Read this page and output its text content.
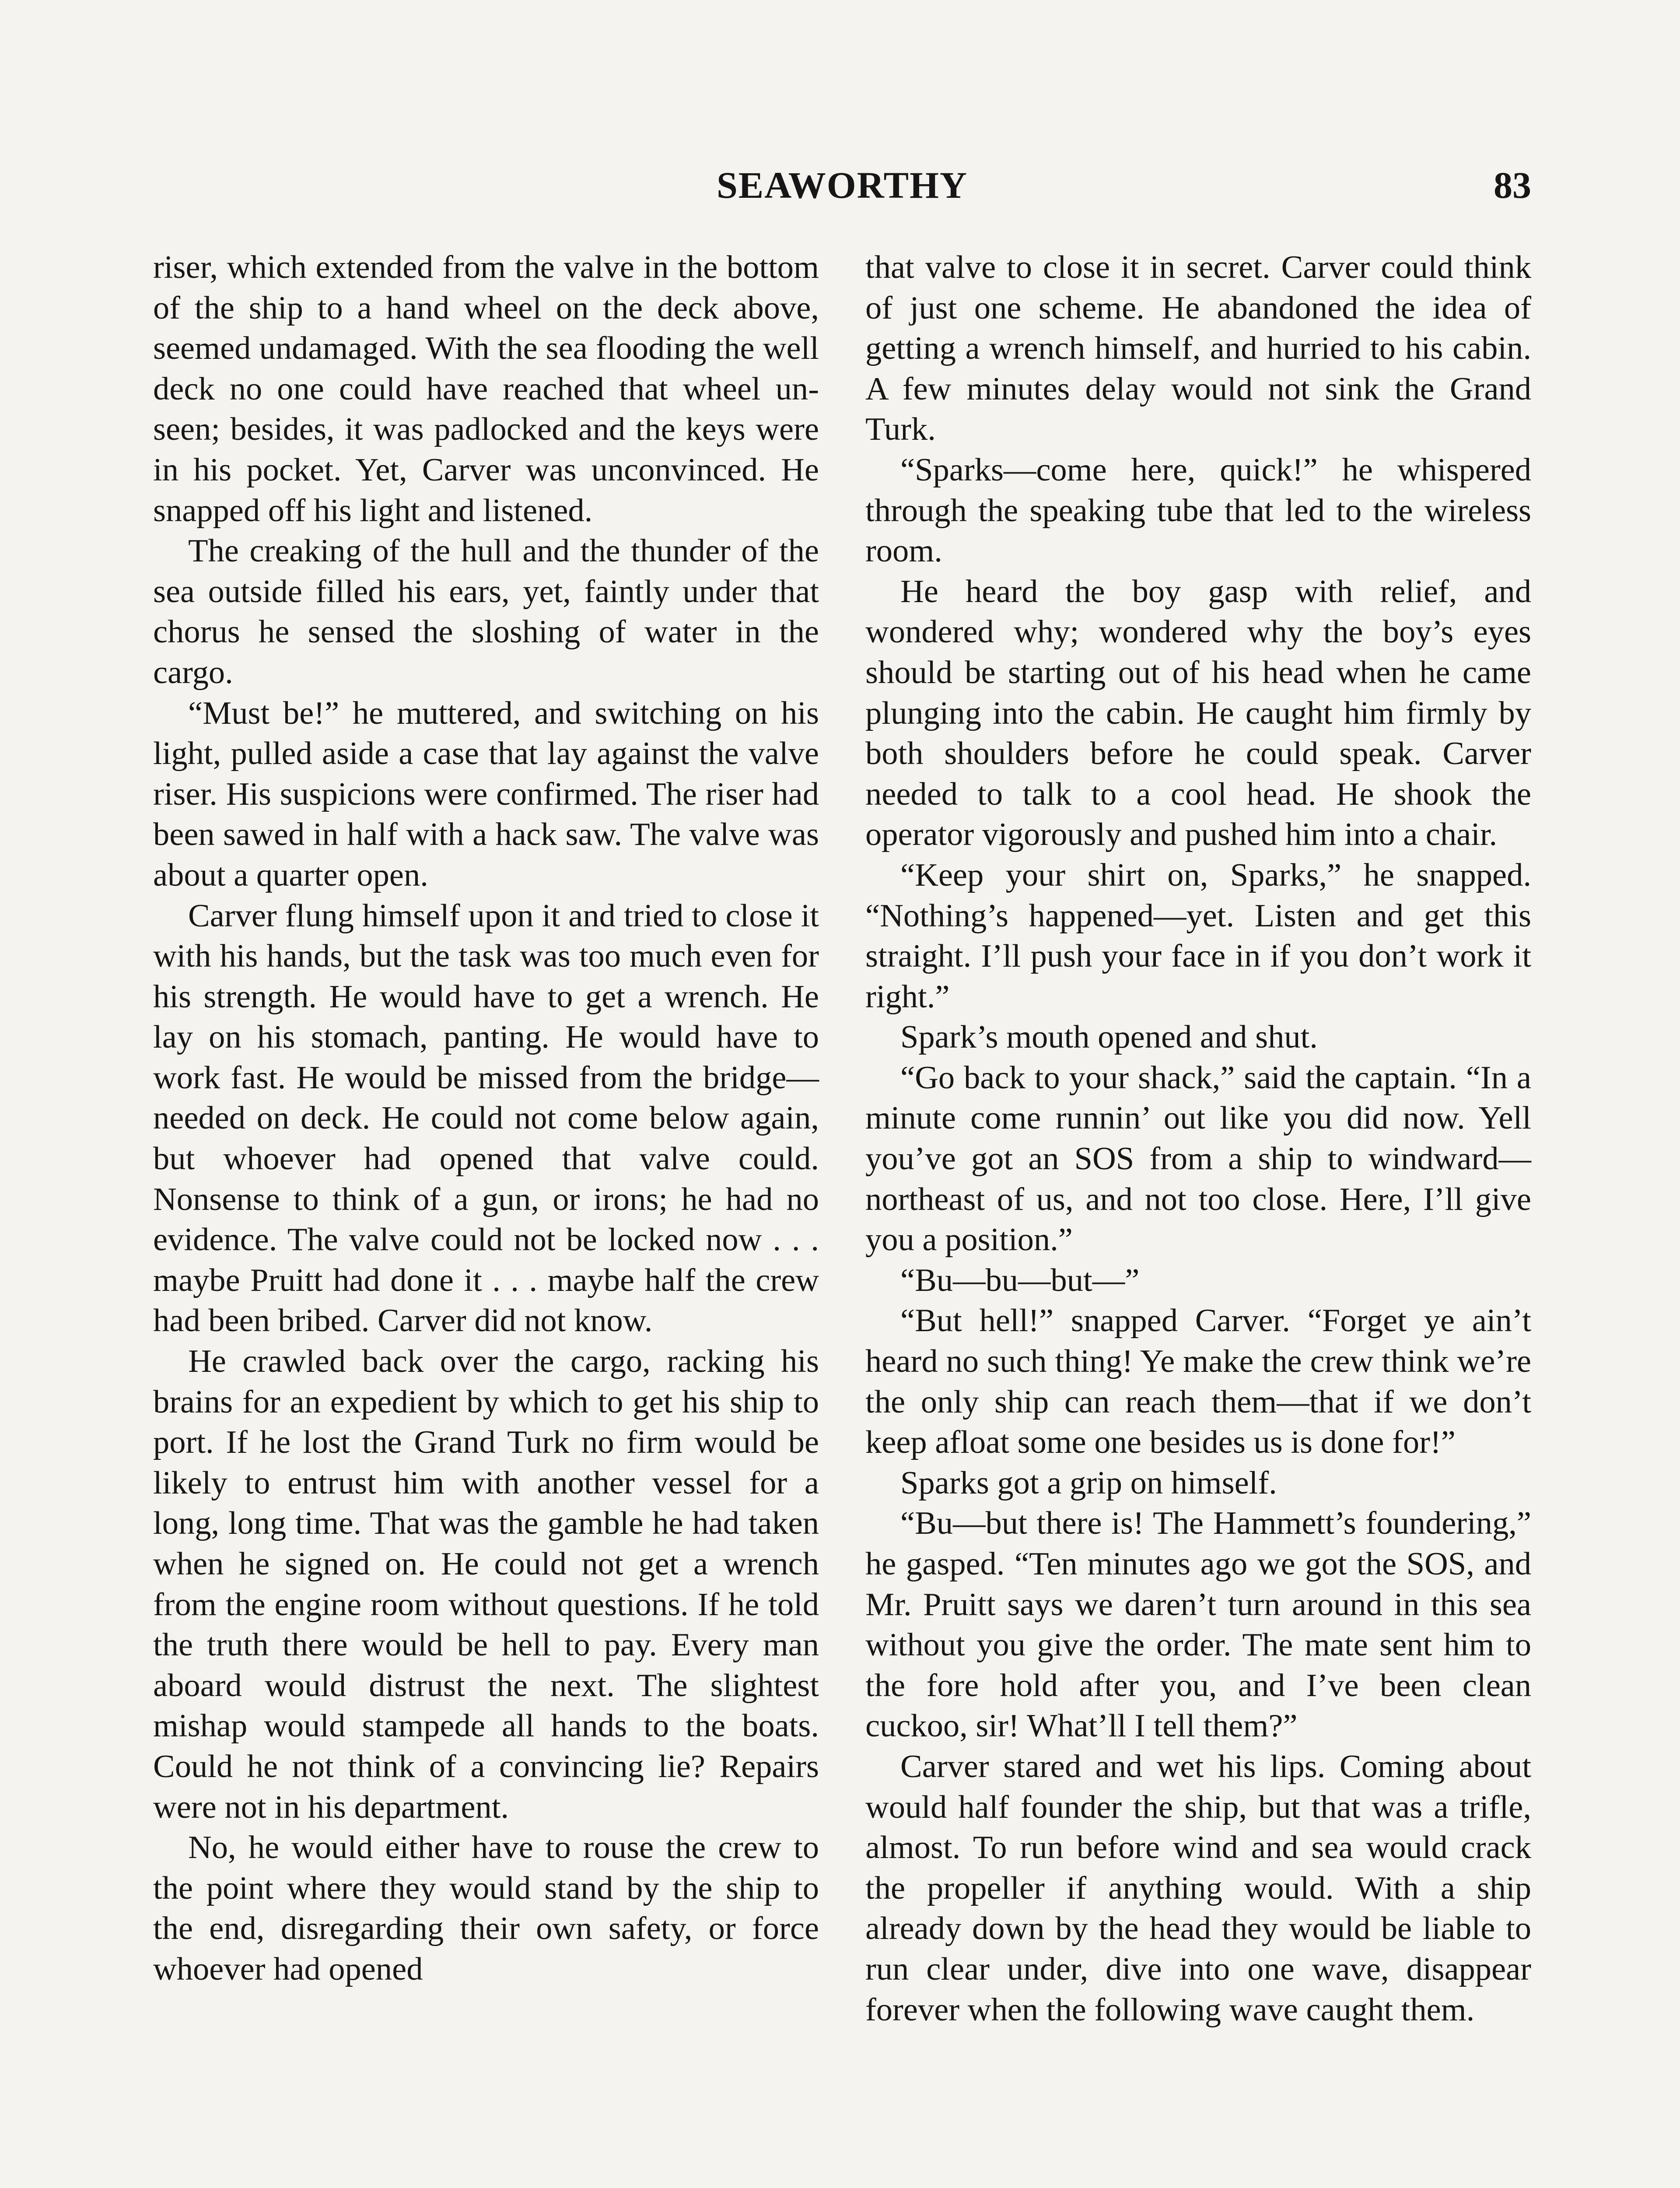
SEAWORTHY	83

riser, which extended from the valve in the bottom of the ship to a hand wheel on the deck above, seemed undamaged. With the sea flooding the well deck no one could have reached that wheel unseen; besides, it was padlocked and the keys were in his pocket. Yet, Carver was unconvinced. He snapped off his light and listened.

The creaking of the hull and the thunder of the sea outside filled his ears, yet, faintly under that chorus he sensed the sloshing of water in the cargo.

“Must be!” he muttered, and switching on his light, pulled aside a case that lay against the valve riser. His suspicions were confirmed. The riser had been sawed in half with a hack saw. The valve was about a quarter open.

Carver flung himself upon it and tried to close it with his hands, but the task was too much even for his strength. He would have to get a wrench. He lay on his stomach, panting. He would have to work fast. He would be missed from the bridge—needed on deck. He could not come below again, but whoever had opened that valve could. Nonsense to think of a gun, or irons; he had no evidence. The valve could not be locked now . . . maybe Pruitt had done it . . . maybe half the crew had been bribed. Carver did not know.

He crawled back over the cargo, racking his brains for an expedient by which to get his ship to port. If he lost the Grand Turk no firm would be likely to entrust him with another vessel for a long, long time. That was the gamble he had taken when he signed on. He could not get a wrench from the engine room without questions. If he told the truth there would be hell to pay. Every man aboard would distrust the next. The slightest mishap would stampede all hands to the boats. Could he not think of a convincing lie? Repairs were not in his department.

No, he would either have to rouse the crew to the point where they would stand by the ship to the end, disregarding their own safety, or force whoever had opened

that valve to close it in secret. Carver could think of just one scheme. He abandoned the idea of getting a wrench himself, and hurried to his cabin. A few minutes delay would not sink the Grand Turk.

“Sparks—come here, quick!” he whispered through the speaking tube that led to the wireless room.

He heard the boy gasp with relief, and wondered why; wondered why the boy’s eyes should be starting out of his head when he came plunging into the cabin. He caught him firmly by both shoulders before he could speak. Carver needed to talk to a cool head. He shook the operator vigorously and pushed him into a chair.

“Keep your shirt on, Sparks,” he snapped. “Nothing’s happened—yet. Listen and get this straight. I’ll push your face in if you don’t work it right.”

Spark’s mouth opened and shut.

“Go back to your shack,” said the captain. “In a minute come runnin’ out like you did now. Yell you’ve got an SOS from a ship to windward—northeast of us, and not too close. Here, I’ll give you a position.”

“Bu—bu—but—”

“But hell!” snapped Carver. “Forget ye ain’t heard no such thing! Ye make the crew think we’re the only ship can reach them—that if we don’t keep afloat some one besides us is done for!”

Sparks got a grip on himself.

“Bu—but there is! The Hammett’s foundering,” he gasped. “Ten minutes ago we got the SOS, and Mr. Pruitt says we daren’t turn around in this sea without you give the order. The mate sent him to the fore hold after you, and I’ve been clean cuckoo, sir! What’ll I tell them?”

Carver stared and wet his lips. Coming about would half founder the ship, but that was a trifle, almost. To run before wind and sea would crack the propeller if anything would. With a ship already down by the head they would be liable to run clear under, dive into one wave, disappear forever when the following wave caught them.
